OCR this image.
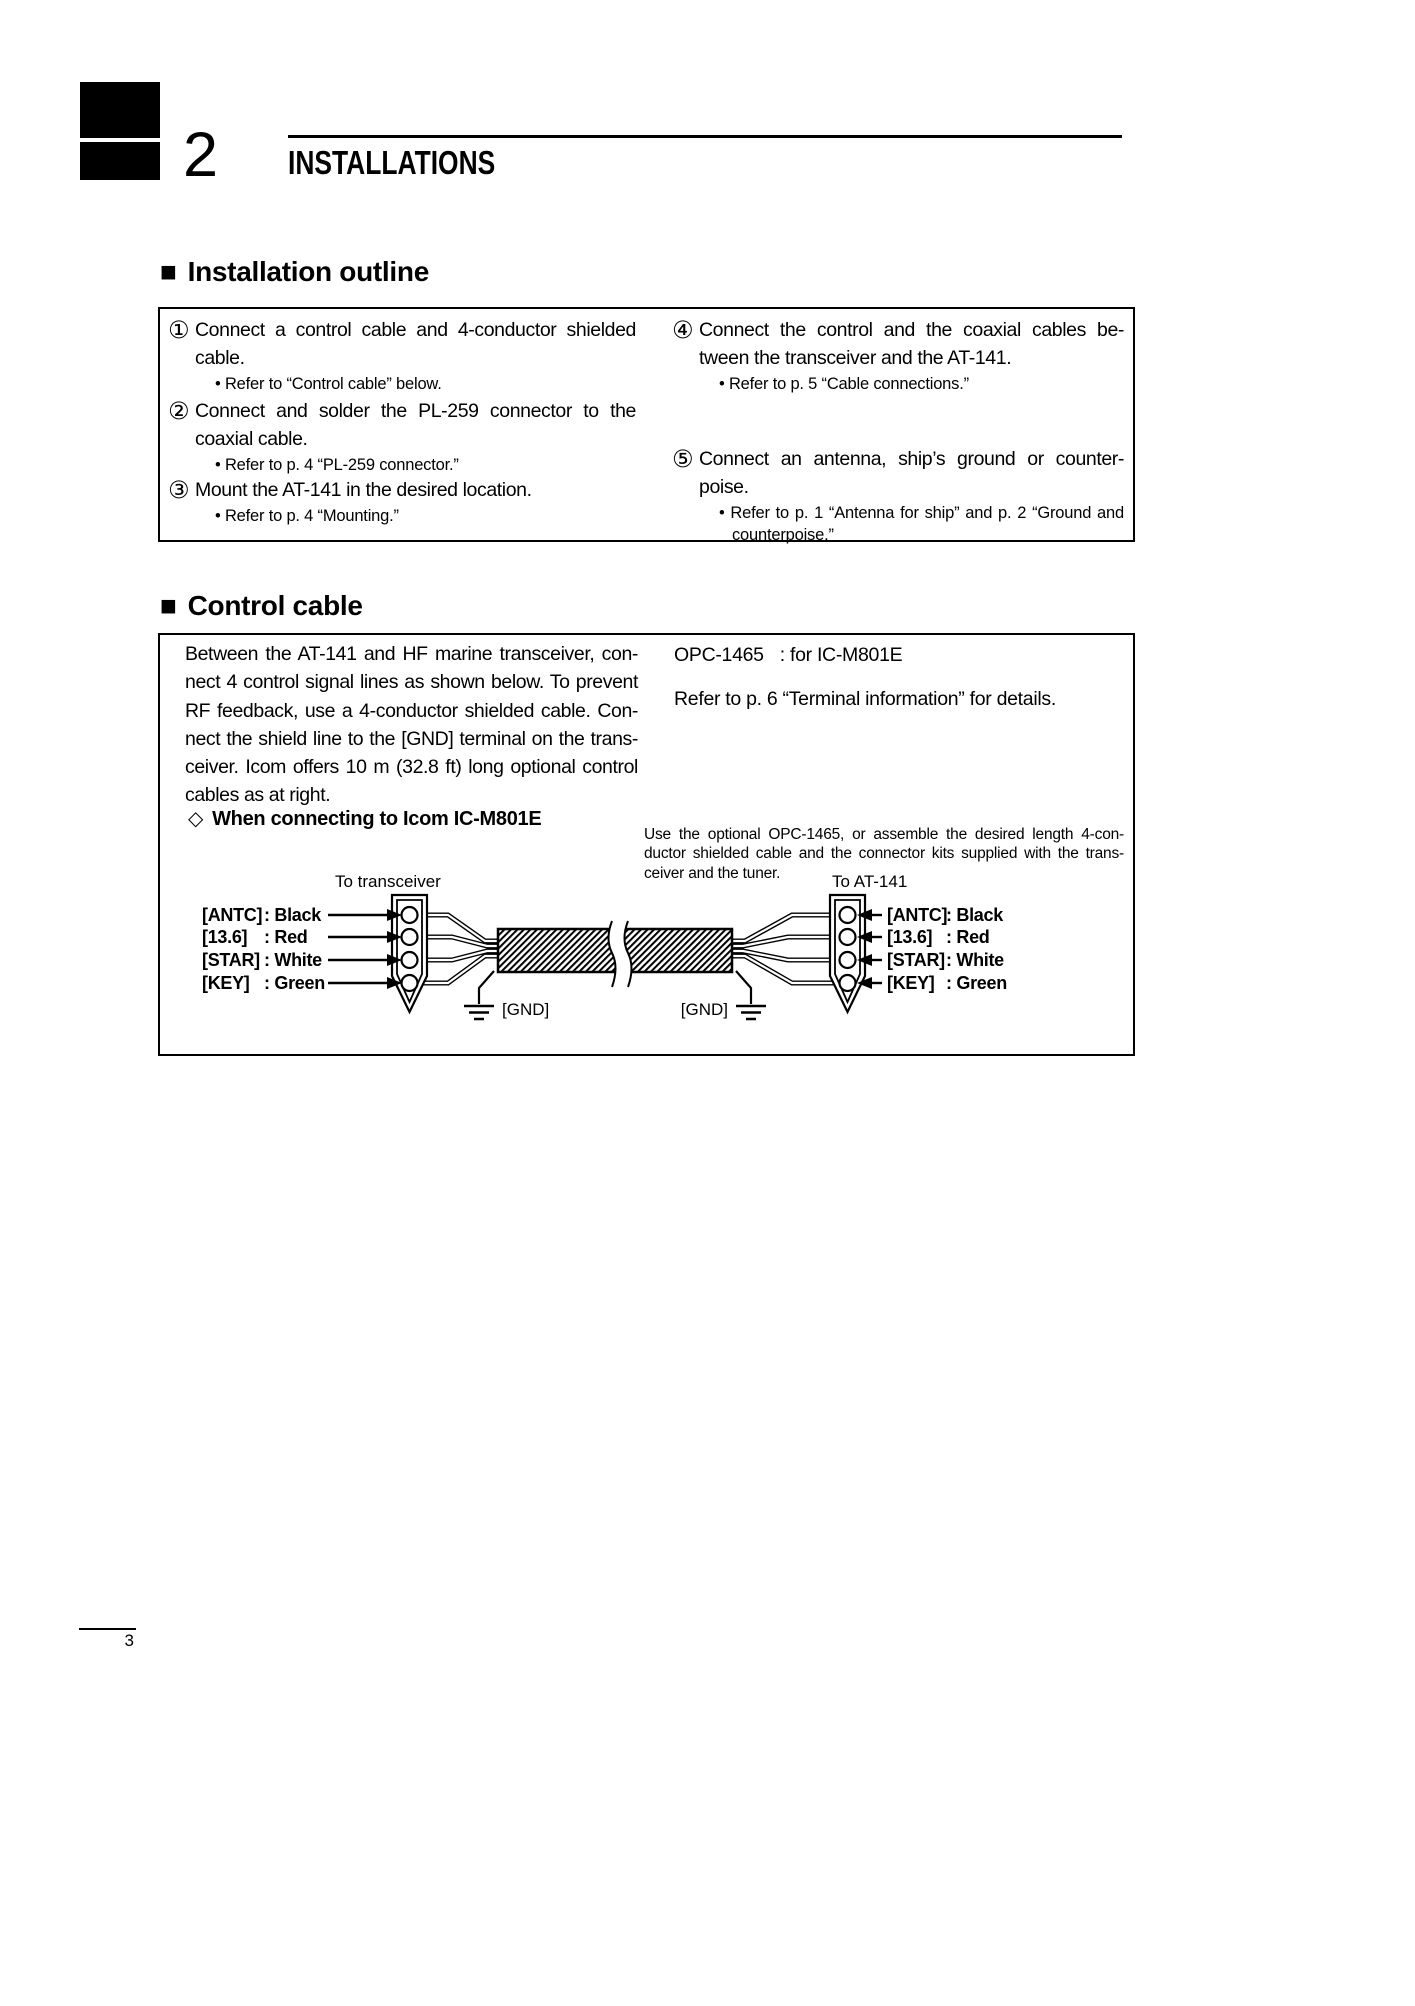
2 INSTALLATIONS
■ Installation outline
① Connect a control cable and 4-conductor shielded
cable.
• Refer to “Control cable” below.
② Connect and solder the PL-259 connector to the
coaxial cable.
• Refer to p. 4 “PL-259 connector.”
③ Mount the AT-141 in the desired location.
• Refer to p. 4 “Mounting.”
④ Connect the control and the coaxial cables be-
tween the transceiver and the AT-141.
• Refer to p. 5 “Cable connections.”
⑤ Connect an antenna, ship’s ground or counter-
poise.
• Refer to p. 1 “Antenna for ship” and p. 2 “Ground and
counterpoise.”
■ Control cable
Between the AT-141 and HF marine transceiver, con-
nect 4 control signal lines as shown below. To prevent
RF feedback, use a 4-conductor shielded cable. Con-
nect the shield line to the [GND] terminal on the trans-
ceiver. Icom offers 10 m (32.8 ft) long optional control
cables as at right.
OPC-1465 : for IC-M801E
Refer to p. 6 “Terminal information” for details.
◇ When connecting to Icom IC-M801E
Use the optional OPC-1465, or assemble the desired length 4-con-
ductor shielded cable and the connector kits supplied with the trans-
ceiver and the tuner.
To transceiver	To AT-141
[GND]	[GND]
[ANTC] : Black
[13.6] : Red
[STAR] : White
[KEY] : Green
[ANTC]
: Black
[13.6] : Red
[STAR] : White
[KEY] : Green
3
